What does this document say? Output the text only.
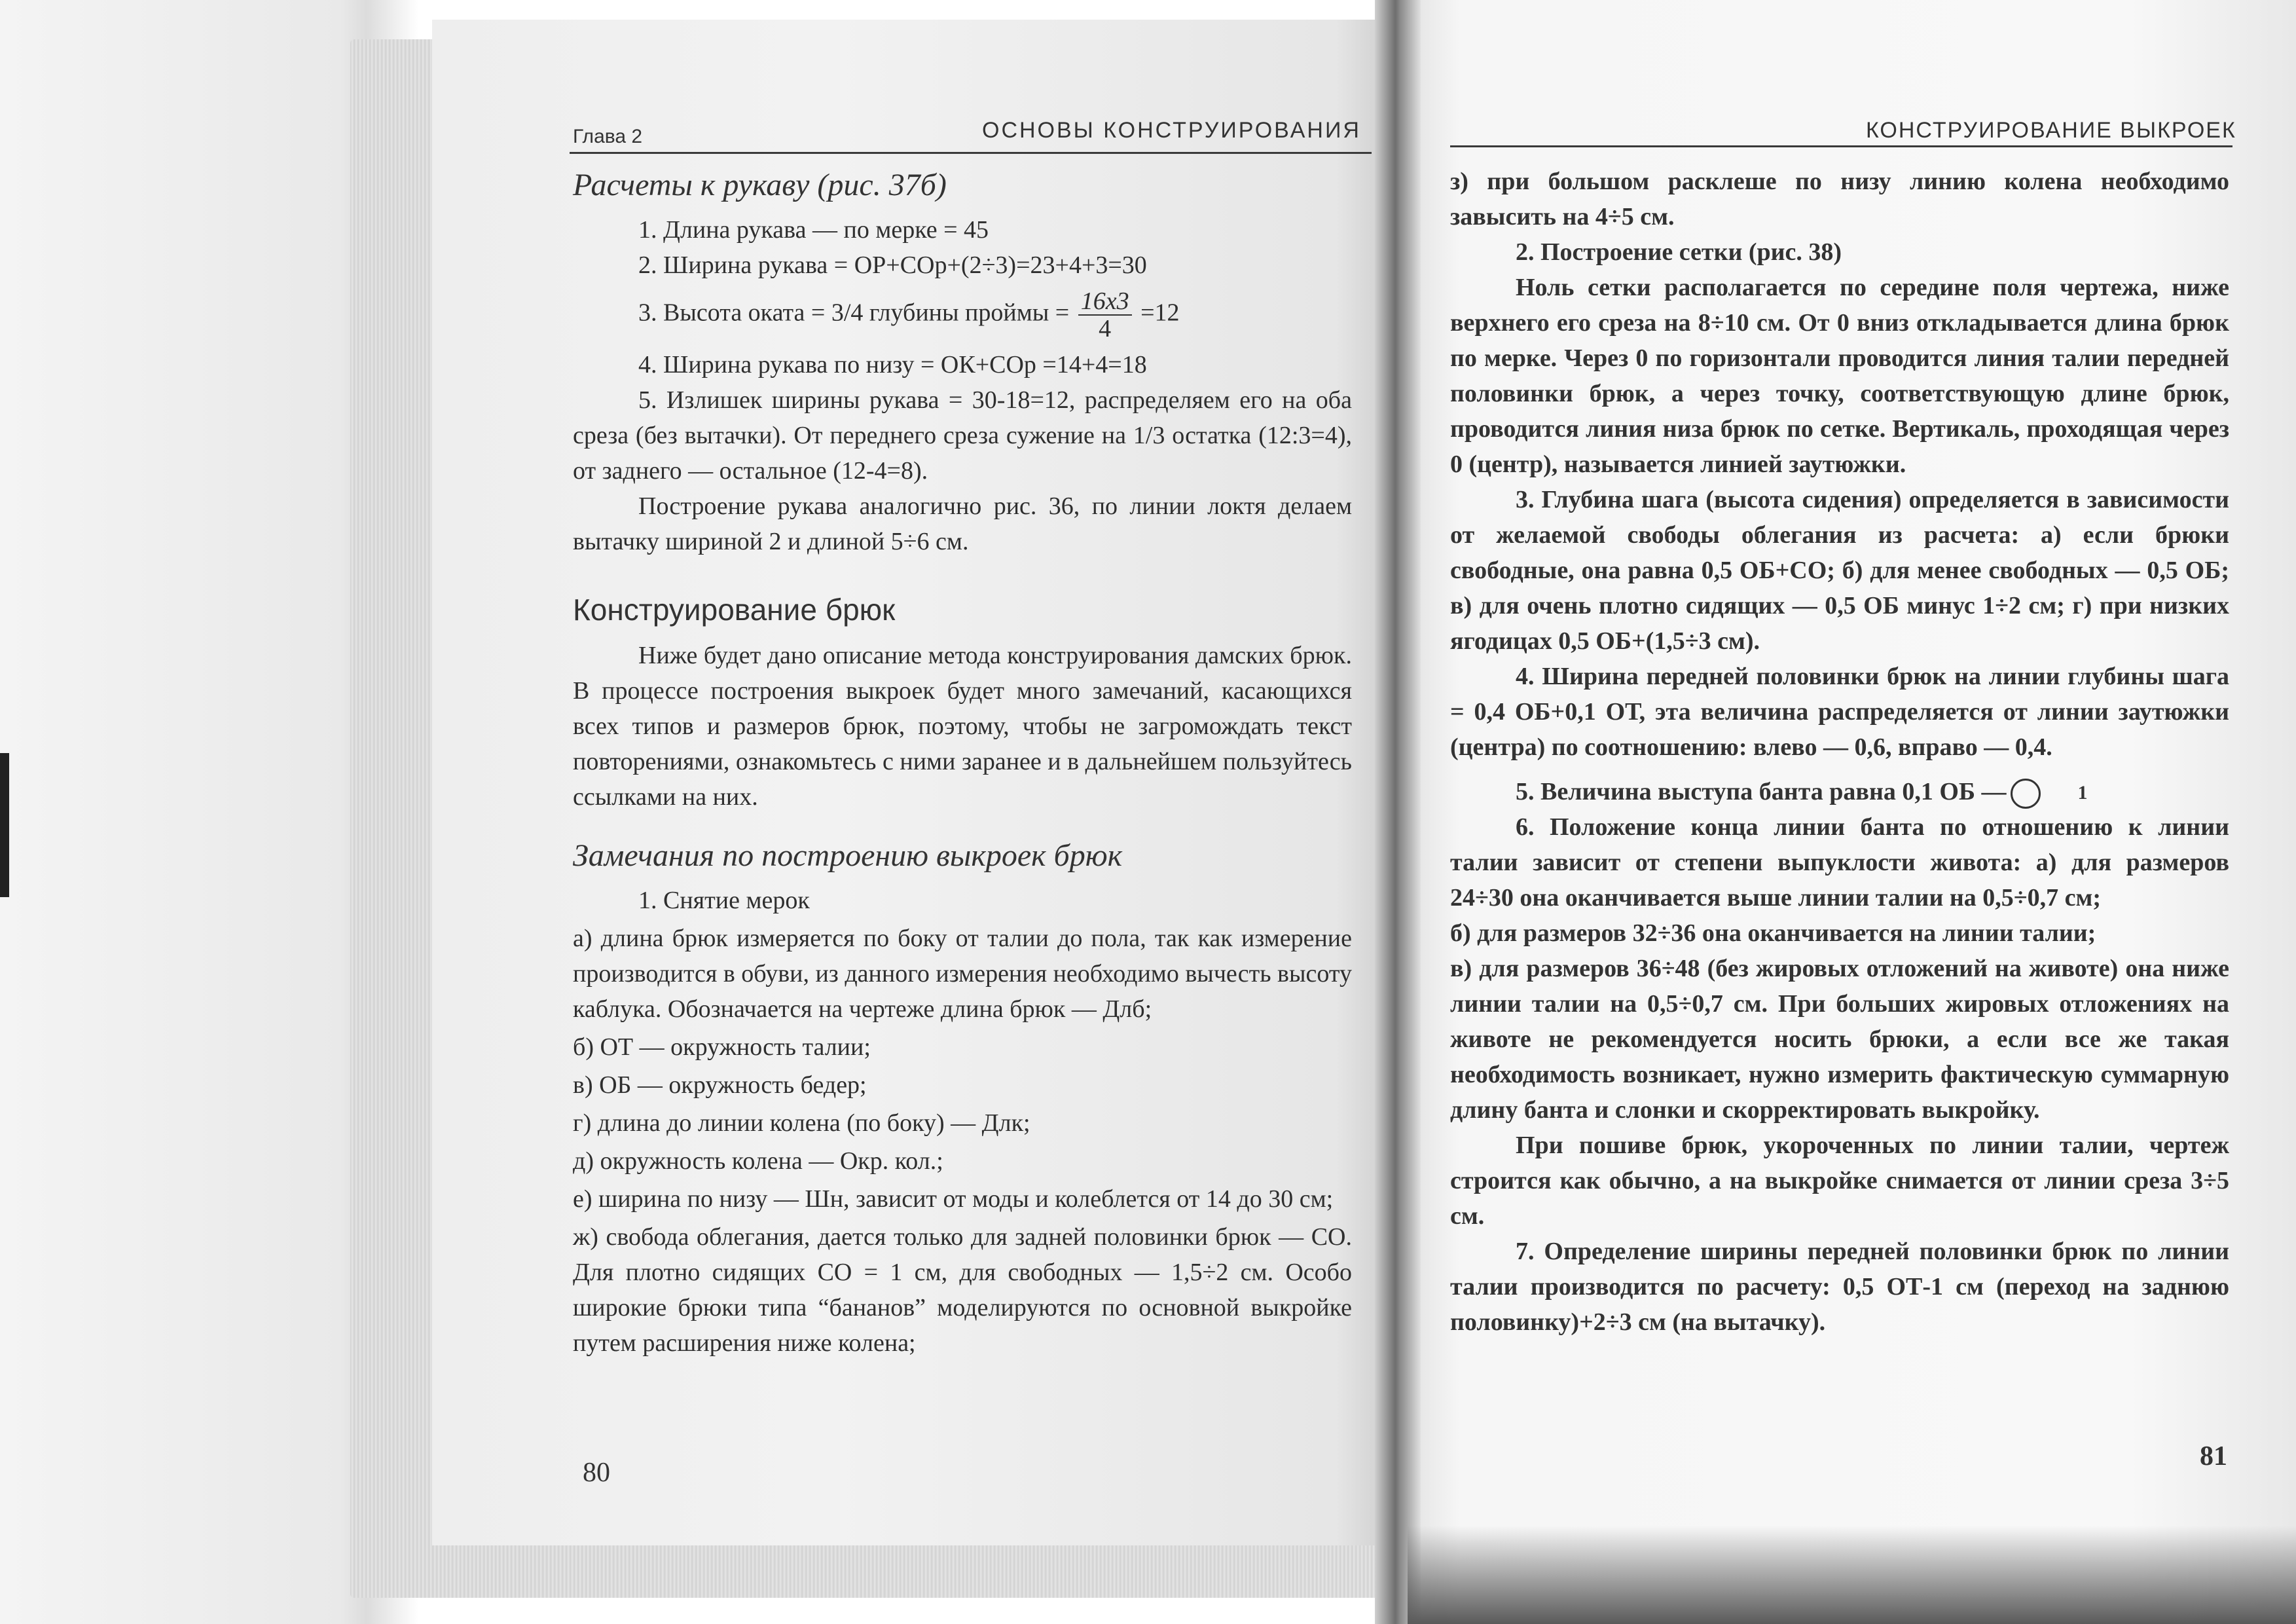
Глава 2	ОСНОВЫ КОНСТРУИРОВАНИЯ

Расчеты к рукаву (рис. 37б)

1. Длина рукава — по мерке = 45

2. Ширина рукава = ОР+СОр+(2÷3)=23+4+3=30

3. Высота оката = 3/4 глубины проймы = $\frac{16x3}{4} =12$

4. Ширина рукава по низу = ОК+СОр =14+4=18

5. Излишек ширины рукава = 30-18=12, распределяем его на оба среза (без вытачки). От переднего среза сужение на 1/3 остатка (12:3=4), от заднего — остальное (12-4=8).

Построение рукава аналогично рис. 36, по линии локтя делаем вытачку шириной 2 и длиной 5÷6 см.

Конструирование брюк

Ниже будет дано описание метода конструирования дамских брюк. В процессе построения выкроек будет много замечаний, касающихся всех типов и размеров брюк, поэтому, чтобы не загромождать текст повторениями, ознакомьтесь с ними заранее и в дальнейшем пользуйтесь ссылками на них.

Замечания по построению выкроек брюк

1. Снятие мерок

а) длина брюк измеряется по боку от талии до пола, так как измерение производится в обуви, из данного измерения необходимо вычесть высоту каблука. Обозначается на чертеже длина брюк — Длб;

б) ОТ — окружность талии;

в) ОБ — окружность бедер;

г) длина до линии колена (по боку) — Длк;

д) окружность колена — Окр. кол.;

е) ширина по низу — Шн, зависит от моды и колеблется от 14 до 30 см;

ж) свобода облегания, дается только для задней половинки брюк — СО. Для плотно сидящих СО = 1 см, для свободных — 1,5÷2 см. Особо широкие брюки типа “бананов” моделируются по основной выкройке путем расширения ниже колена;

80
КОНСТРУИРОВАНИЕ ВЫКРОЕК

з) при большом расклеше по низу линию колена необходимо завысить на 4÷5 см.

2. Построение сетки (рис. 38)

Ноль сетки располагается по середине поля чертежа, ниже верхнего его среза на 8÷10 см. От 0 вниз откладывается длина брюк по мерке. Через 0 по горизонтали проводится линия талии передней половинки брюк, а через точку, соответствующую длине брюк, проводится линия низа брюк по сетке. Вертикаль, проходящая через 0 (центр), называется линией заутюжки.

3. Глубина шага (высота сидения) определяется в зависимости от желаемой свободы облегания из расчета: а) если брюки свободные, она равна 0,5 ОБ+СО; б) для менее свободных — 0,5 ОБ; в) для очень плотно сидящих — 0,5 ОБ минус 1÷2 см; г) при низких ягодицах 0,5 ОБ+(1,5÷3 см).

4. Ширина передней половинки брюк на линии глубины шага = 0,4 ОБ+0,1 ОТ, эта величина распределяется от линии заутюжки (центра) по соотношению: влево — 0,6, вправо — 0,4.

5. Величина выступа банта равна 0,1 ОБ —	1

6. Положение конца линии банта по отношению к линии талии зависит от степени выпуклости живота: а) для размеров 24÷30 она оканчивается выше линии талии на 0,5÷0,7 см;

б) для размеров 32÷36 она оканчивается на линии талии;

в) для размеров 36÷48 (без жировых отложений на животе) она ниже линии талии на 0,5÷0,7 см. При больших жировых отложениях на животе не рекомендуется носить брюки, а если все же такая необходимость возникает, нужно измерить фактическую суммарную длину банта и слонки и скорректировать выкройку.

При пошиве брюк, укороченных по линии талии, чертеж строится как обычно, а на выкройке снимается от линии среза 3÷5 см.

7. Определение ширины передней половинки брюк по линии талии производится по расчету: 0,5 ОТ-1 см (переход на заднюю половинку)+2÷3 см (на вытачку).

81
